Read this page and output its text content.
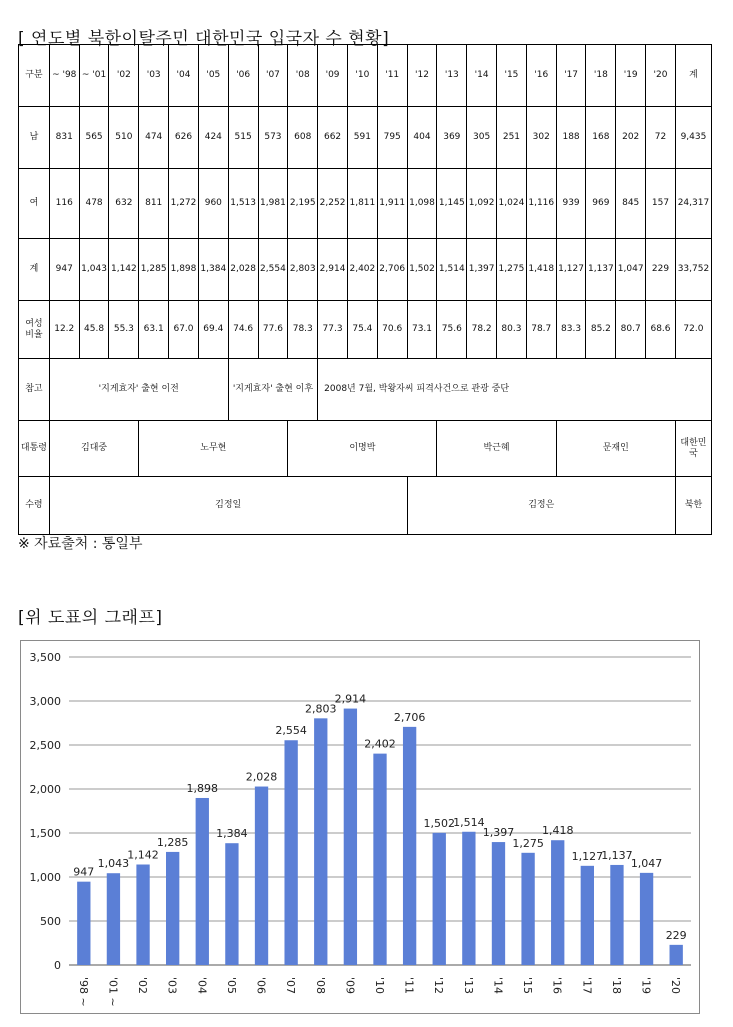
[ 연도별 북한이탈주민 대한민국 입국자 수 현황]
구분	~ '98	~ '01	'02	'03	'04	'05	'06	'07	'08	'09	'10	'11	'12	'13	'14	'15	'16	'17	'18	'19	'20	계
남	831	565	510	474	626	424	515	573	608	662	591	795	404	369	305	251	302	188	168	202	72	9,435
여	116	478	632	811	1,272	960	1,513	1,981	2,195	2,252	1,811	1,911	1,098	1,145	1,092	1,024	1,116	939	969	845	157	24,317
계	947	1,043	1,142	1,285	1,898	1,384	2,028	2,554	2,803	2,914	2,402	2,706	1,502	1,514	1,397	1,275	1,418	1,127	1,137	1,047	229	33,752
여성 비율	12.2	45.8	55.3	63.1	67.0	69.4	74.6	77.6	78.3	77.3	75.4	70.6	73.1	75.6	78.2	80.3	78.7	83.3	85.2	80.7	68.6	72.0
참고	'지게효자' 출현 이전						'지게효자' 출현 이후			2008년 7월, 박왕자씨 피격사건으로 관광 중단												
대통령	김대중			노무현					이명박					박근혜				문재인				대한민국
수령	김정일												김정은									북한
※ 자료출처 : 통일부
[위 도표의 그래프]
0
500
1,000
1,500
2,000
2,500
3,000
3,500
947
'98 ~
1,043
'01 ~
1,142
'02
1,285
'03
1,898
'04
1,384
'05
2,028
'06
2,554
'07
2,803
'08
2,914
'09
2,402
'10
2,706
'11
1,502
'12
1,514
'13
1,397
'14
1,275
'15
1,418
'16
1,127
'17
1,137
'18
1,047
'19
229
'20
